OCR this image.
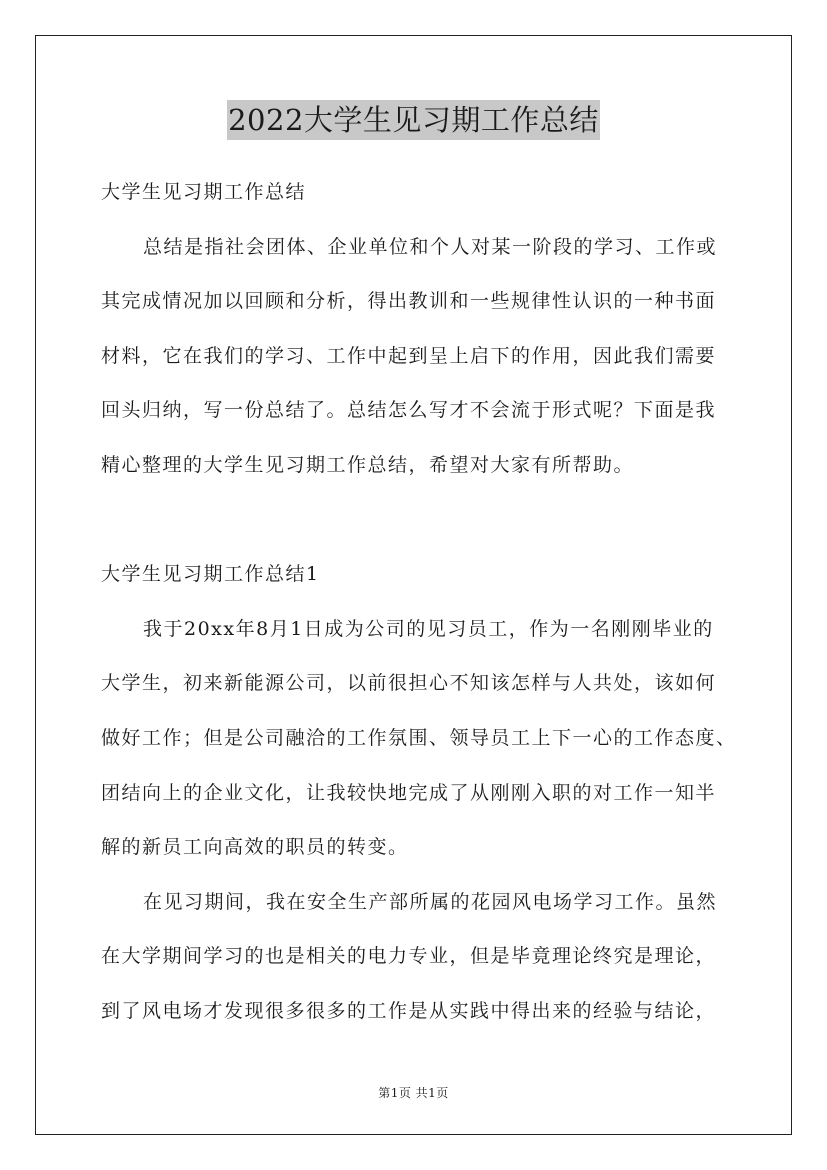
2022大学生见习期工作总结
大学生见习期工作总结
总结是指社会团体、企业单位和个人对某一阶段的学习、工作或
其完成情况加以回顾和分析，得出教训和一些规律性认识的一种书面
材料，它在我们的学习、工作中起到呈上启下的作用，因此我们需要
回头归纳，写一份总结了。总结怎么写才不会流于形式呢？下面是我
精心整理的大学生见习期工作总结，希望对大家有所帮助。
大学生见习期工作总结1
我于20xx年8月1日成为公司的见习员工，作为一名刚刚毕业的
大学生，初来新能源公司，以前很担心不知该怎样与人共处，该如何
做好工作；但是公司融洽的工作氛围、领导员工上下一心的工作态度、
团结向上的企业文化，让我较快地完成了从刚刚入职的对工作一知半
解的新员工向高效的职员的转变。
在见习期间，我在安全生产部所属的花园风电场学习工作。虽然
在大学期间学习的也是相关的电力专业，但是毕竟理论终究是理论，
到了风电场才发现很多很多的工作是从实践中得出来的经验与结论，
第1页 共1页
